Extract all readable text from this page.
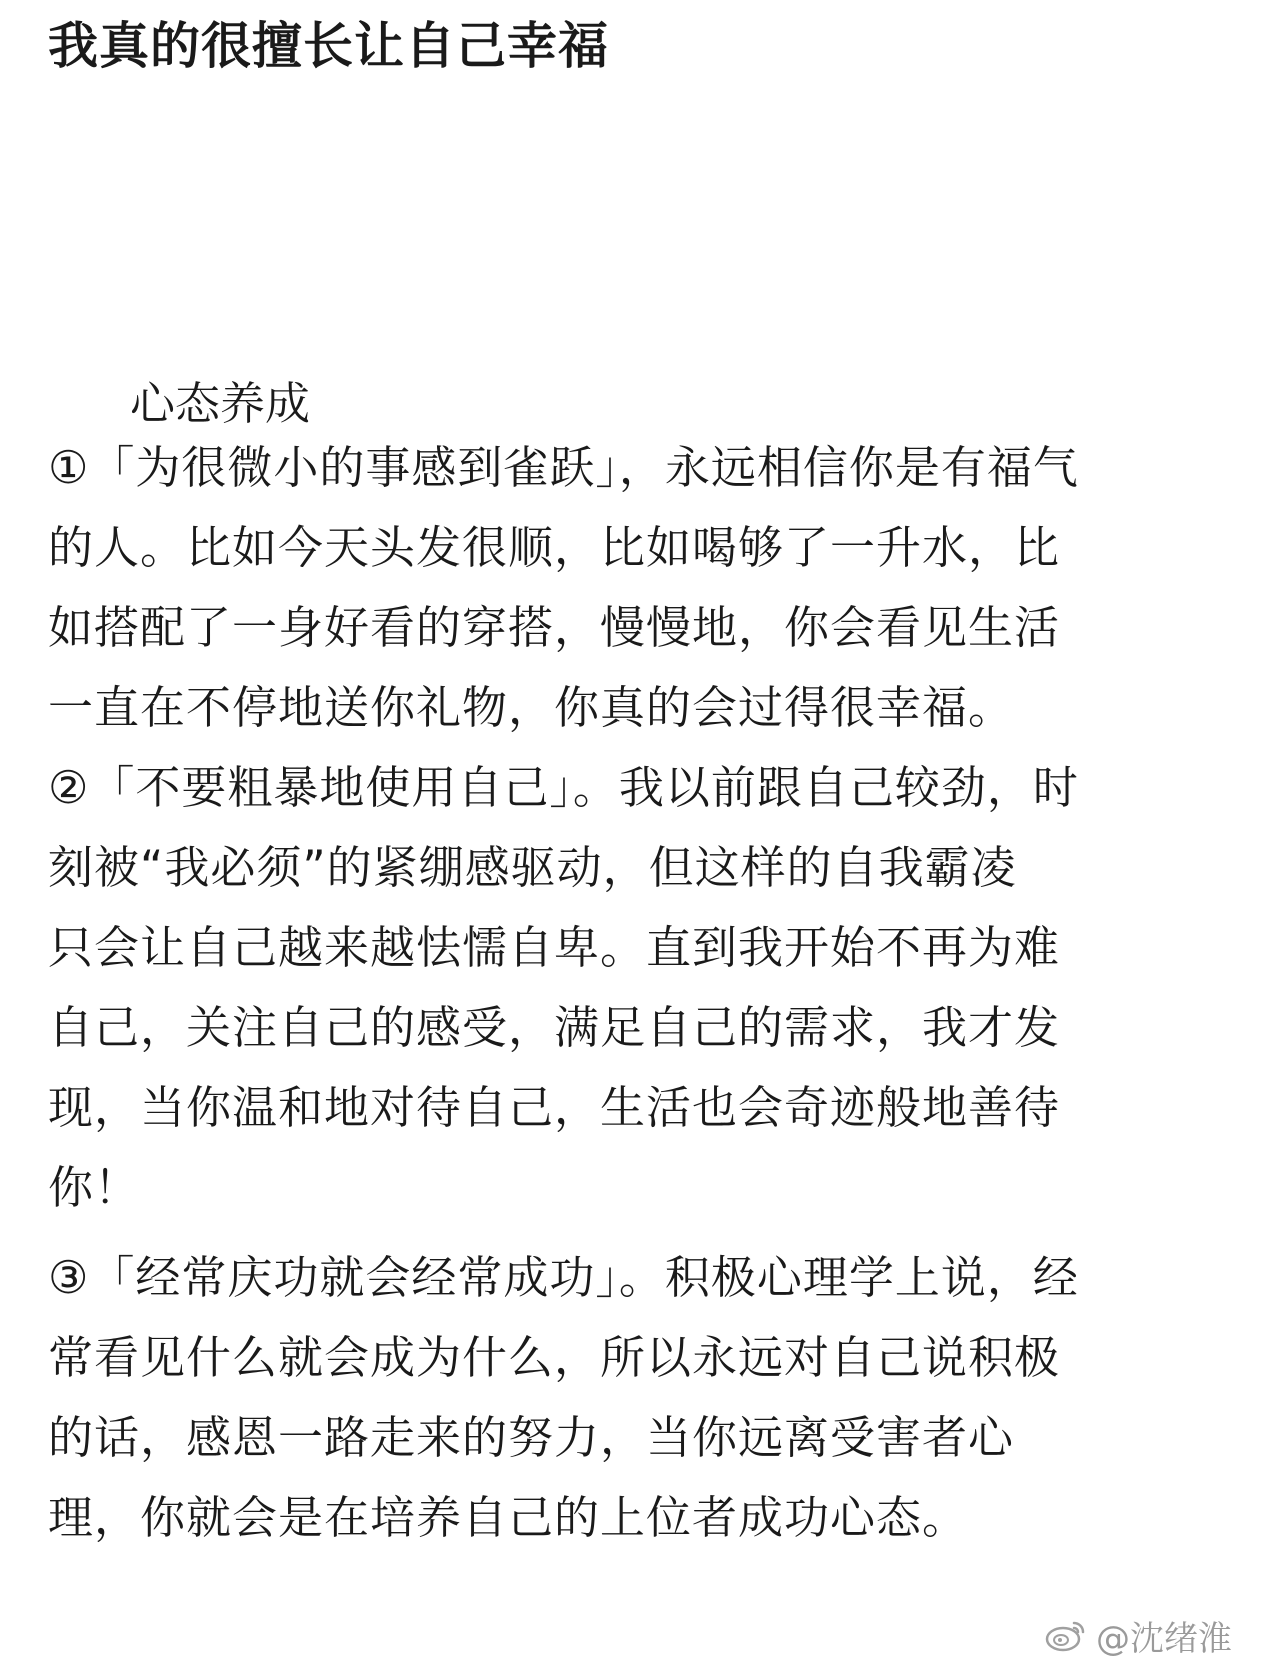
我真的很擅长让自己幸福
心态养成
①「为很微小的事感到雀跃」，永远相信你是有福气
的人。比如今天头发很顺，比如喝够了一升水，比
如搭配了一身好看的穿搭，慢慢地，你会看见生活
一直在不停地送你礼物，你真的会过得很幸福。
②「不要粗暴地使用自己」。我以前跟自己较劲，时
刻被“我必须”的紧绷感驱动，但这样的自我霸凌
只会让自己越来越怯懦自卑。直到我开始不再为难
自己，关注自己的感受，满足自己的需求，我才发
现，当你温和地对待自己，生活也会奇迹般地善待
你！
③「经常庆功就会经常成功」。积极心理学上说，经
常看见什么就会成为什么，所以永远对自己说积极
的话，感恩一路走来的努力，当你远离受害者心
理，你就会是在培养自己的上位者成功心态。
@沈绪淮
